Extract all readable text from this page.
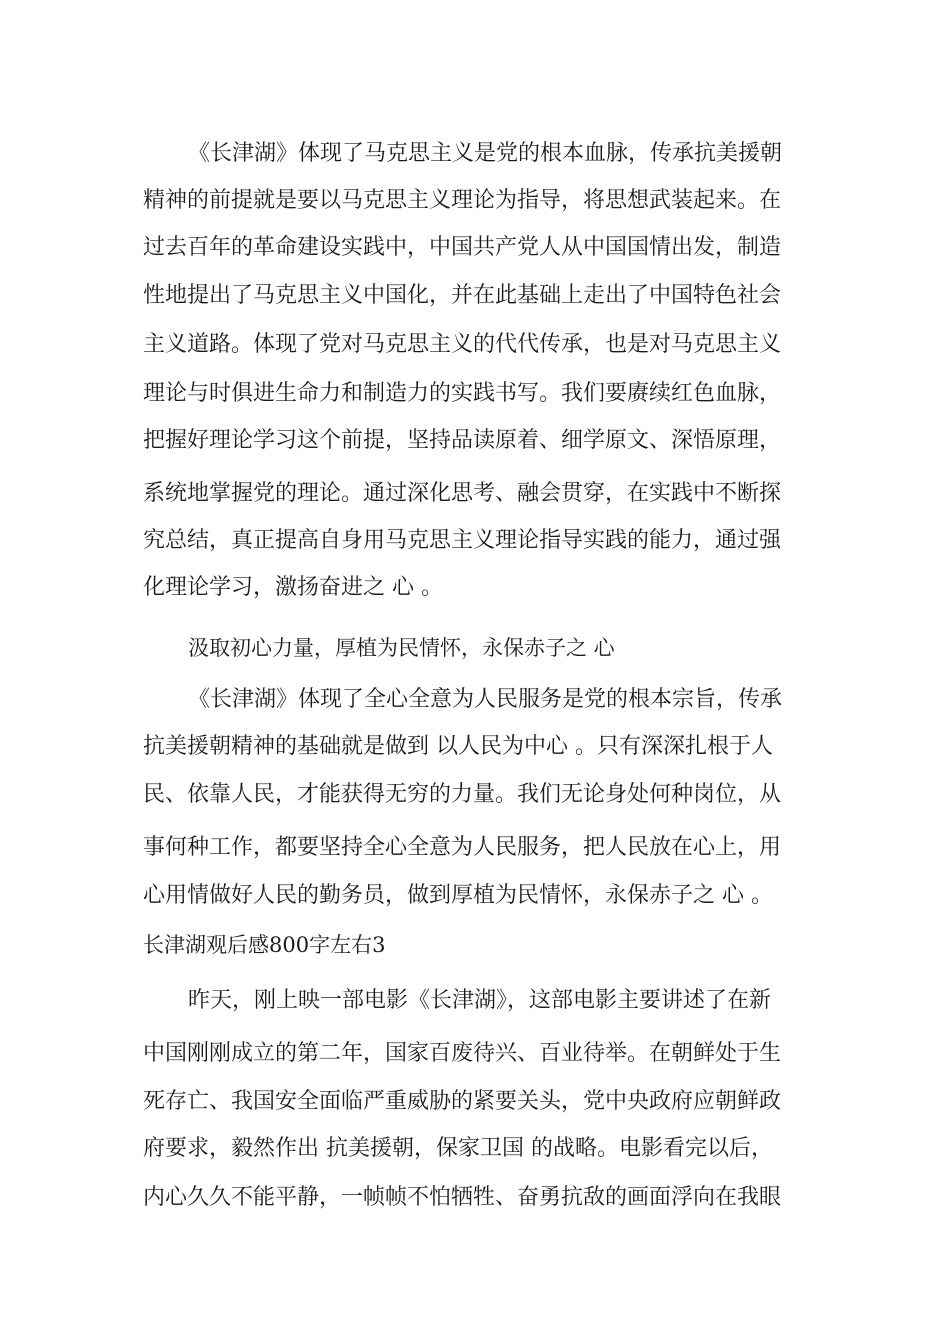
《长津湖》体现了马克思主义是党的根本血脉，传承抗美援朝
精神的前提就是要以马克思主义理论为指导，将思想武装起来。在
过去百年的革命建设实践中，中国共产党人从中国国情出发，制造
性地提出了马克思主义中国化，并在此基础上走出了中国特色社会
主义道路。体现了党对马克思主义的代代传承，也是对马克思主义
理论与时俱进生命力和制造力的实践书写。我们要赓续红色血脉，
把握好理论学习这个前提，坚持品读原着、细学原文、深悟原理，
系统地掌握党的理论。通过深化思考、融会贯穿，在实践中不断探
究总结，真正提高自身用马克思主义理论指导实践的能力，通过强
化理论学习，激扬奋进之 心 。
汲取初心力量，厚植为民情怀，永保赤子之 心
《长津湖》体现了全心全意为人民服务是党的根本宗旨，传承
抗美援朝精神的基础就是做到 以人民为中心 。只有深深扎根于人
民、依靠人民，才能获得无穷的力量。我们无论身处何种岗位，从
事何种工作，都要坚持全心全意为人民服务，把人民放在心上，用
心用情做好人民的勤务员，做到厚植为民情怀，永保赤子之 心 。
长津湖观后感800字左右3
昨天，刚上映一部电影《长津湖》，这部电影主要讲述了在新
中国刚刚成立的第二年，国家百废待兴、百业待举。在朝鲜处于生
死存亡、我国安全面临严重威胁的紧要关头，党中央政府应朝鲜政
府要求，毅然作出 抗美援朝，保家卫国 的战略。电影看完以后，
内心久久不能平静，一帧帧不怕牺牲、奋勇抗敌的画面浮向在我眼
